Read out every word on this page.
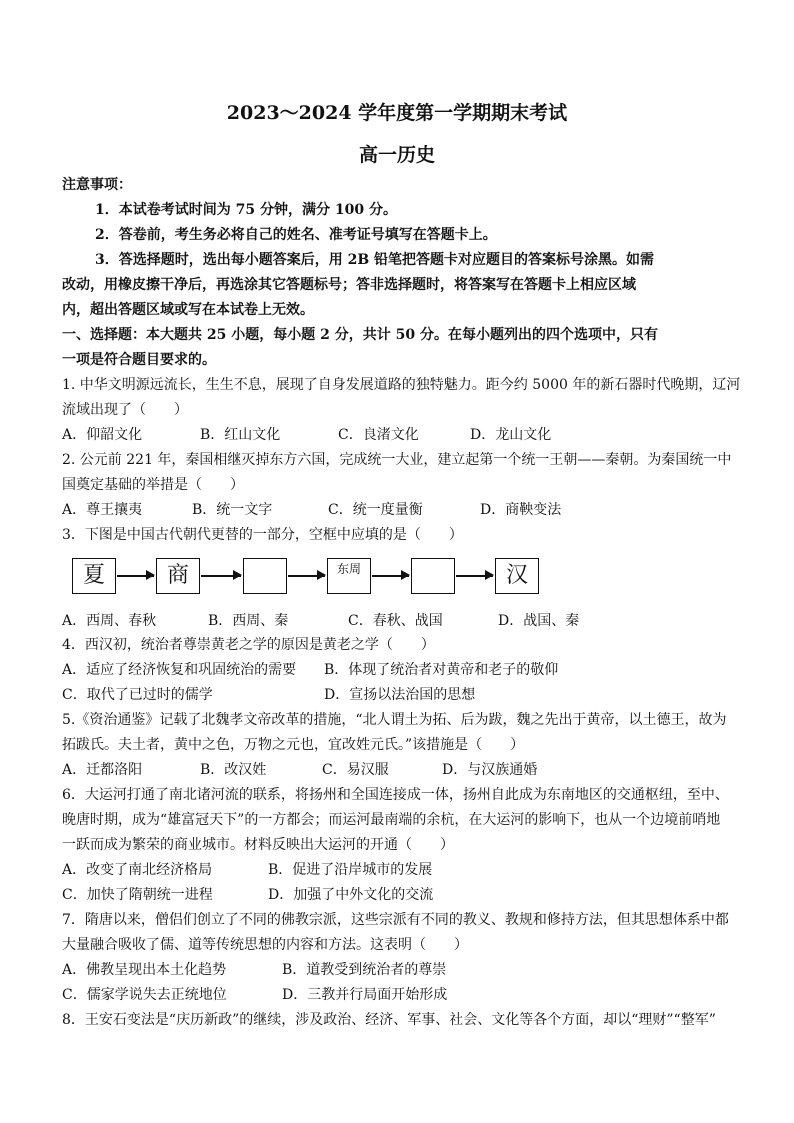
2023～2024 学年度第一学期期末考试
高一历史
注意事项：
1．本试卷考试时间为 75 分钟，满分 100 分。
2．答卷前，考生务必将自己的姓名、准考证号填写在答题卡上。
3．答选择题时，选出每小题答案后，用 2B 铅笔把答题卡对应题目的答案标号涂黑。如需
改动，用橡皮擦干净后，再选涂其它答题标号；答非选择题时，将答案写在答题卡上相应区域
内，超出答题区域或写在本试卷上无效。
一、选择题：本大题共 25 小题，每小题 2 分，共计 50 分。在每小题列出的四个选项中，只有
一项是符合题目要求的。
1. 中华文明源远流长，生生不息，展现了自身发展道路的独特魅力。距今约 5000 年的新石器时代晚期，辽河
流域出现了（　　）
A．仰韶文化	B．红山文化	C．良渚文化	D．龙山文化
2. 公元前 221 年，秦国相继灭掉东方六国，完成统一大业，建立起第一个统一王朝——秦朝。为秦国统一中
国奠定基础的举措是（　　）
A．尊王攘夷	B．统一文字	C．统一度量衡	D．商鞅变法
3．下图是中国古代朝代更替的一部分，空框中应填的是（　　）
夏	商	东周	汉
A．西周、春秋	B．西周、秦	C．春秋、战国	D．战国、秦
4．西汉初，统治者尊崇黄老之学的原因是黄老之学（　　）
A．适应了经济恢复和巩固统治的需要 B．体现了统治者对黄帝和老子的敬仰
C．取代了已过时的儒学	D．宣扬以法治国的思想
5.《资治通鉴》记载了北魏孝文帝改革的措施，“北人谓土为拓、后为跋，魏之先出于黄帝，以土德王，故为
拓跋氏。夫土者，黄中之色，万物之元也，宜改姓元氏。”该措施是（　　）
A．迁都洛阳	B．改汉姓	C．易汉服	D．与汉族通婚
6．大运河打通了南北诸河流的联系，将扬州和全国连接成一体，扬州自此成为东南地区的交通枢纽，至中、
晚唐时期，成为“雄富冠天下”的一方都会；而运河最南端的余杭，在大运河的影响下，也从一个边境前哨地
一跃而成为繁荣的商业城市。材料反映出大运河的开通（　　）
A．改变了南北经济格局	B．促进了沿岸城市的发展
C．加快了隋朝统一进程	D．加强了中外文化的交流
7．隋唐以来，僧侣们创立了不同的佛教宗派，这些宗派有不同的教义、教规和修持方法，但其思想体系中都
大量融合吸收了儒、道等传统思想的内容和方法。这表明（　　）
A．佛教呈现出本土化趋势	B．道教受到统治者的尊崇
C．儒家学说失去正统地位	D．三教并行局面开始形成
8．王安石变法是“庆历新政”的继续，涉及政治、经济、军事、社会、文化等各个方面，却以“理财”“整军”
